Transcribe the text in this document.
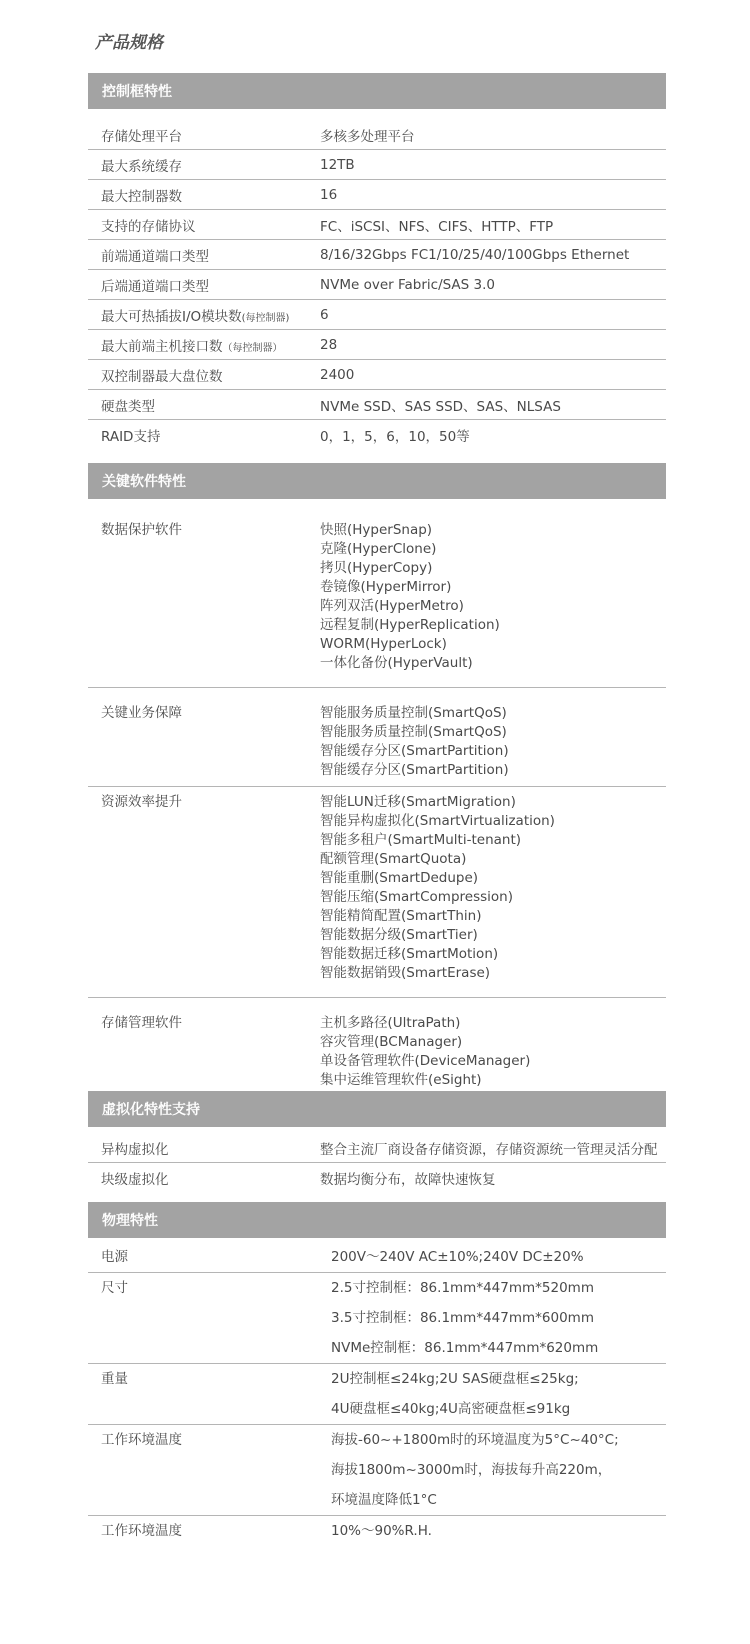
产品规格
控制框特性
存储处理平台	多核多处理平台
最大系统缓存	12TB
最大控制器数	16
支持的存储协议	FC、iSCSI、NFS、CIFS、HTTP、FTP
前端通道端口类型	8/16/32Gbps FC1/10/25/40/100Gbps Ethernet
后端通道端口类型	NVMe over Fabric/SAS 3.0
最大可热插拔I/O模块数(每控制器)	6
最大前端主机接口数（每控制器）	28
双控制器最大盘位数	2400
硬盘类型	NVMe SSD、SAS SSD、SAS、NLSAS
RAID支持	0，1，5，6，10，50等
关键软件特性
数据保护软件	快照(HyperSnap)
克隆(HyperClone)
拷贝(HyperCopy)
卷镜像(HyperMirror)
阵列双活(HyperMetro)
远程复制(HyperReplication)
WORM(HyperLock)
一体化备份(HyperVault)
关键业务保障	智能服务质量控制(SmartQoS)
智能服务质量控制(SmartQoS)
智能缓存分区(SmartPartition)
智能缓存分区(SmartPartition)
资源效率提升	智能LUN迁移(SmartMigration)
智能异构虚拟化(SmartVirtualization)
智能多租户(SmartMulti-tenant)
配额管理(SmartQuota)
智能重删(SmartDedupe)
智能压缩(SmartCompression)
智能精简配置(SmartThin)
智能数据分级(SmartTier)
智能数据迁移(SmartMotion)
智能数据销毁(SmartErase)
存储管理软件	主机多路径(UltraPath)
容灾管理(BCManager)
单设备管理软件(DeviceManager)
集中运维管理软件(eSight)
虚拟化特性支持
异构虚拟化	整合主流厂商设备存储资源，存储资源统一管理灵活分配
块级虚拟化	数据均衡分布，故障快速恢复
物理特性
电源	200V～240V AC±10%;240V DC±20%
尺寸	2.5寸控制框：86.1mm*447mm*520mm
3.5寸控制框：86.1mm*447mm*600mm
NVMe控制框：86.1mm*447mm*620mm
重量	2U控制框≤24kg;2U SAS硬盘框≤25kg;
4U硬盘框≤40kg;4U高密硬盘框≤91kg
工作环境温度	海拔-60~+1800m时的环境温度为5°C~40°C;
海拔1800m~3000m时，海拔每升高220m，
环境温度降低1°C
工作环境温度	10%～90%R.H.
